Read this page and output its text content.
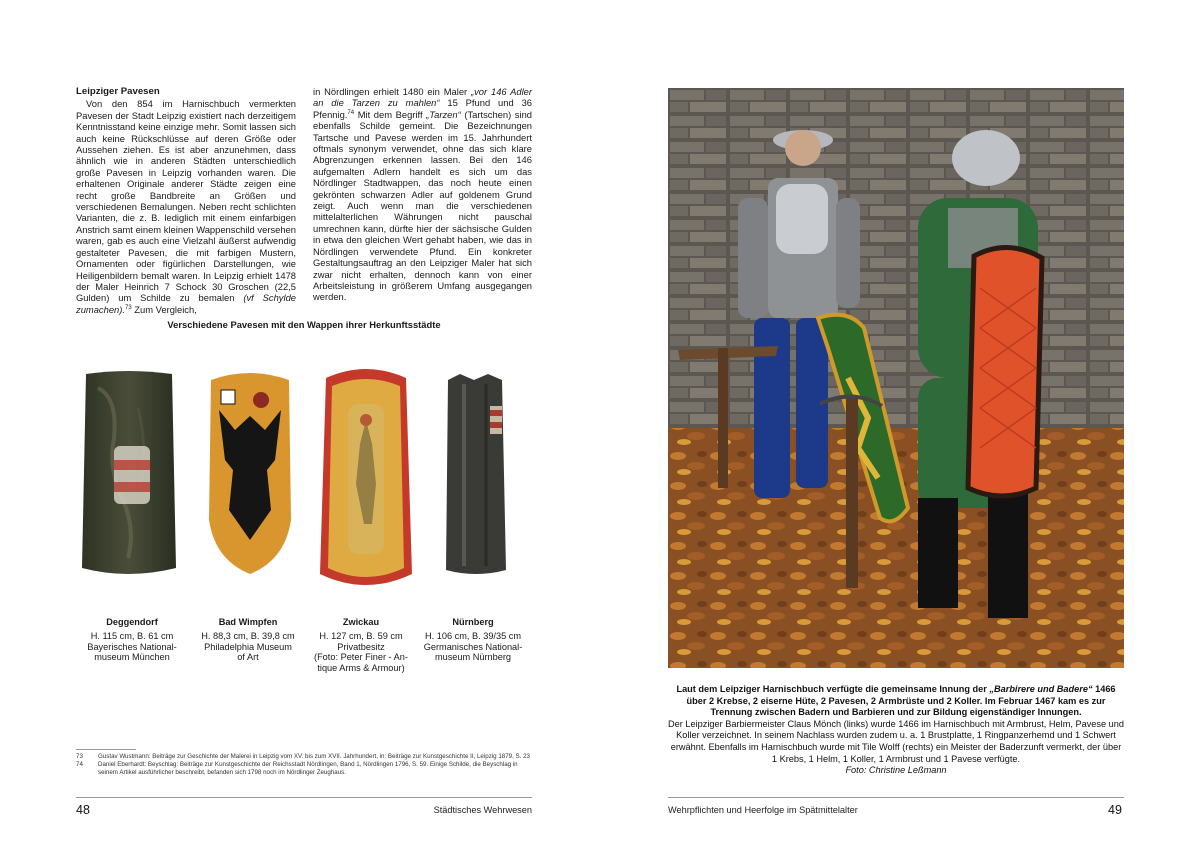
Leipziger Pavesen

Von den 854 im Harnischbuch vermerkten Pavesen der Stadt Leipzig existiert nach derzeitigem Kenntnisstand keine einzige mehr. Somit lassen sich auch keine Rückschlüsse auf deren Größe oder Aussehen ziehen. Es ist aber anzunehmen, dass ähnlich wie in anderen Städten unterschiedlich große Pavesen in Leipzig vorhanden waren. Die erhaltenen Originale anderer Städte zeigen eine recht große Bandbreite an Größen und verschiedenen Bemalungen. Neben recht schlichten Varianten, die z. B. lediglich mit einem einfarbigen Anstrich samt einem kleinen Wappenschild versehen waren, gab es auch eine Vielzahl äußerst aufwendig gestalteter Pavesen, die mit farbigen Mustern, Ornamenten oder figürlichen Darstellungen, wie Heiligenbildern bemalt waren. In Leipzig erhielt 1478 der Maler Heinrich 7 Schock 30 Groschen (22,5 Gulden) um Schilde zu bemalen (vf Schylde zumachen).$^{73}$ Zum Vergleich,

in Nördlingen erhielt 1480 ein Maler „vor 146 Adler an die Tarzen zu mahlen“ 15 Pfund und 36 Pfennig.$^{74}$ Mit dem Begriff „Tarzen“ (Tartschen) sind ebenfalls Schilde gemeint. Die Bezeichnungen Tartsche und Pavese werden im 15. Jahrhundert oftmals synonym verwendet, ohne das sich klare Abgrenzungen erkennen lassen. Bei den 146 aufgemalten Adlern handelt es sich um das Nördlinger Stadtwappen, das noch heute einen gekrönten schwarzen Adler auf goldenem Grund zeigt. Auch wenn man die verschiedenen mittelalterlichen Währungen nicht pauschal umrechnen kann, dürfte hier der sächsische Gulden in etwa den gleichen Wert gehabt haben, wie das in Nördlingen verwendete Pfund. Ein konkreter Gestaltungsauftrag an den Leipziger Maler hat sich zwar nicht erhalten, dennoch kann von einer Arbeitsleistung in größerem Umfang ausgegangen werden.

Verschiedene Pavesen mit den Wappen ihrer Herkunftsstädte
Deggendorf
H. 115 cm, B. 61 cm
Bayerisches National-
museum München
Bad Wimpfen
H. 88,3 cm, B. 39,8 cm
Philadelphia Museum
of Art
Zwickau
H. 127 cm, B. 59 cm
Privatbesitz
(Foto: Peter Finer - An-
tique Arms & Armour)
Nürnberg
H. 106 cm, B. 39/35 cm
Germanisches National-
museum Nürnberg
73	Gustav Wustmann: Beiträge zur Geschichte der Malerei in Leipzig vom XV. bis zum XVII. Jahrhundert, in: Beiträge zur Kunstgeschichte II, Leipzig 1879, S. 23
74	Daniel Eberhardt: Beyschlag: Beiträge zur Kunstgeschichte der Reichsstadt Nördlingen, Band 1, Nördlingen 1796, S. 59. Einige Schilde, die Beyschlag in seinem Artikel ausführlicher beschreibt, befanden sich 1798 noch im Nördlinger Zeughaus.
48	Städtisches Wehrwesen
Laut dem Leipziger Harnischbuch verfügte die gemeinsame Innung der „Barbirere und Badere“ 1466 über 2 Krebse, 2 eiserne Hüte, 2 Pavesen, 2 Armbrüste und 2 Koller. Im Februar 1467 kam es zur Trennung zwischen Badern und Barbieren und zur Bildung eigenständiger Innungen.
Der Leipziger Barbiermeister Claus Mönch (links) wurde 1466 im Harnischbuch mit Armbrust, Helm, Pavese und Koller verzeichnet. In seinem Nachlass wurden zudem u. a. 1 Brustplatte, 1 Ringpanzerhemd und 1 Schwert erwähnt. Ebenfalls im Harnischbuch wurde mit Tile Wolff (rechts) ein Meister der Baderzunft vermerkt, der über 1 Krebs, 1 Helm, 1 Koller, 1 Armbrust und 1 Pavese verfügte.
Foto: Christine Leßmann
Wehrpflichten und Heerfolge im Spätmittelalter	49
